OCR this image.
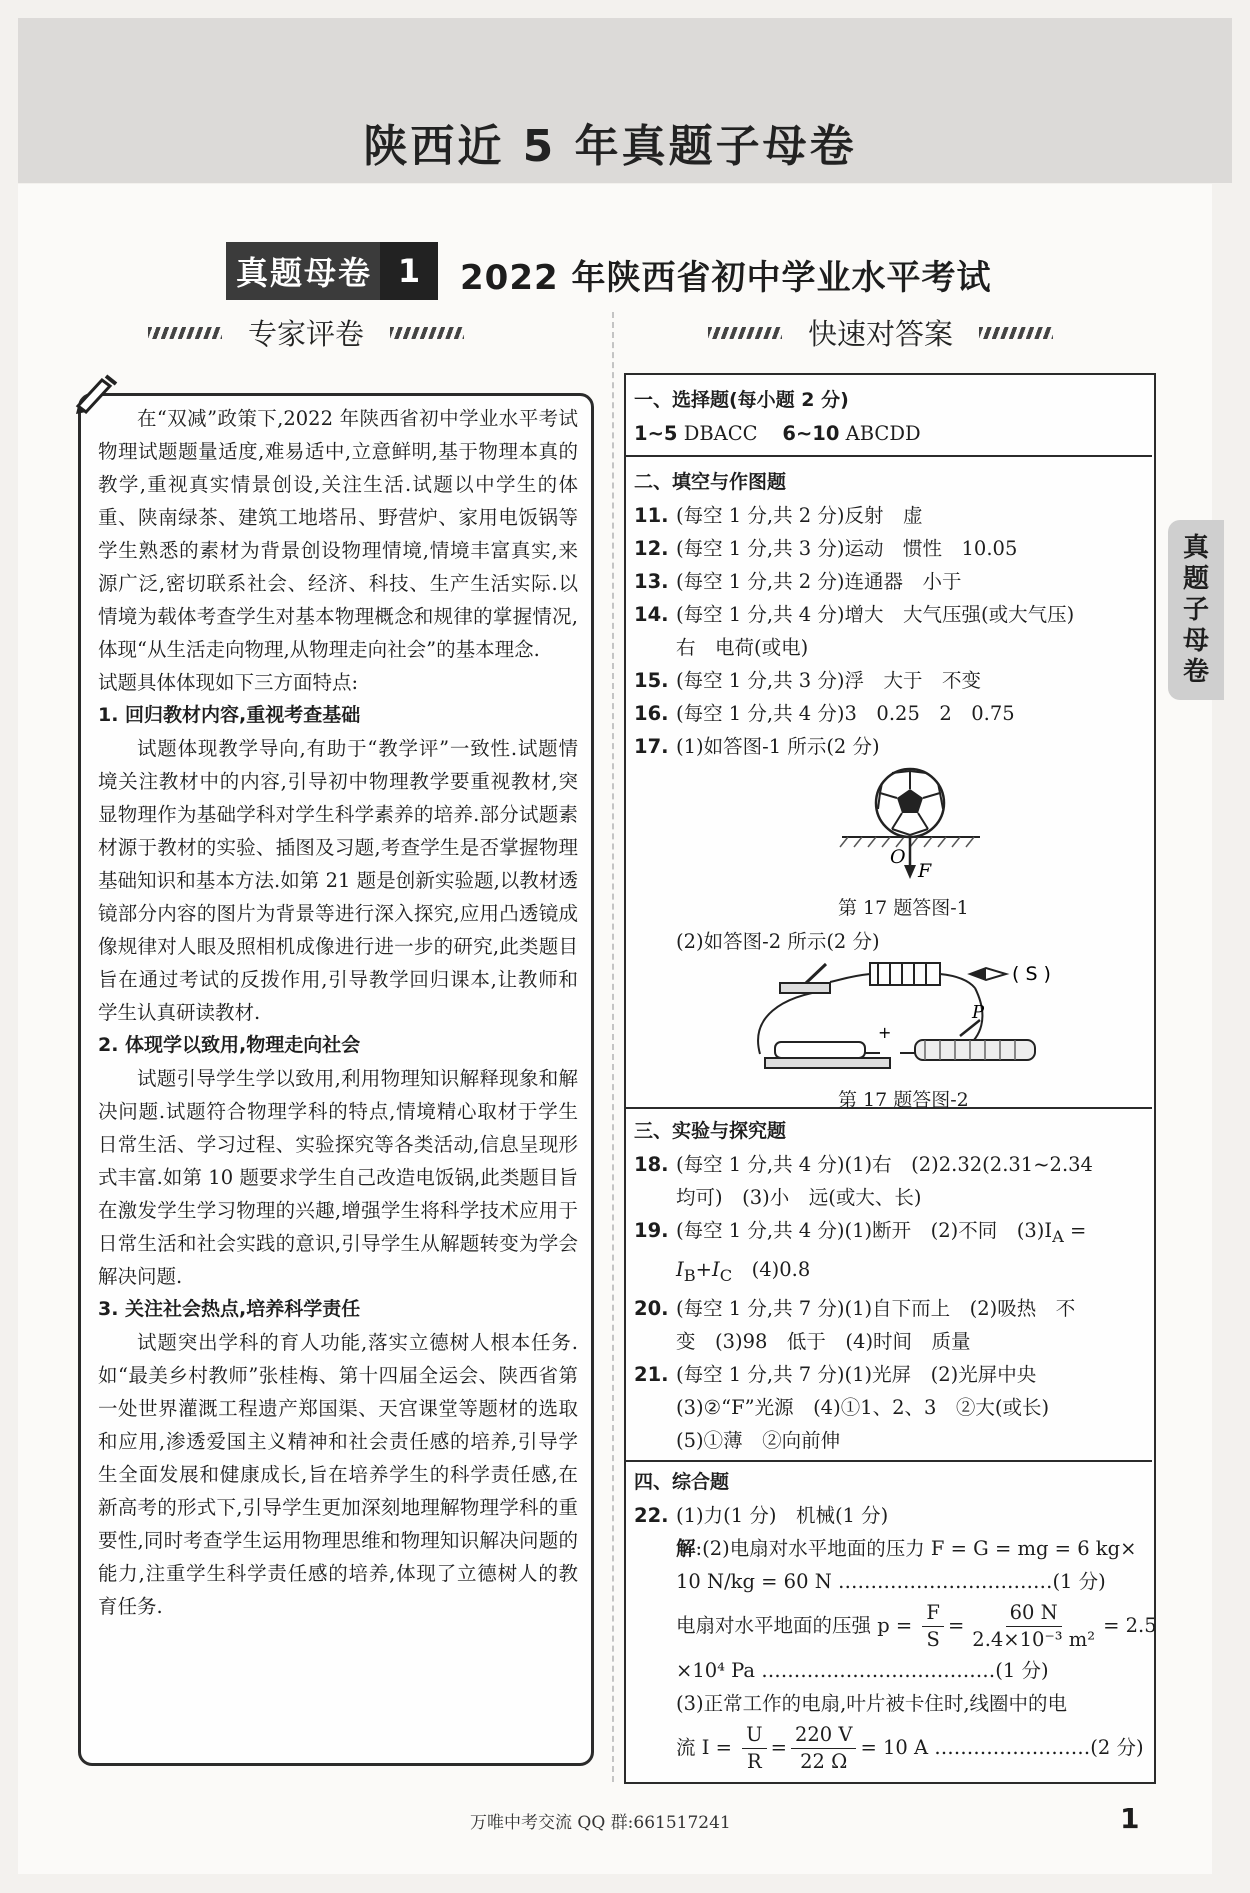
陕西近 5 年真题子母卷
真题母卷 1	2022 年陕西省初中学业水平考试
专家评卷	快速对答案

在“双减”政策下,2022 年陕西省初中学业水平考试物理试题题量适度,难易适中,立意鲜明,基于物理本真的教学,重视真实情景创设,关注生活.试题以中学生的体重、陕南绿茶、建筑工地塔吊、野营炉、家用电饭锅等学生熟悉的素材为背景创设物理情境,情境丰富真实,来源广泛,密切联系社会、经济、科技、生产生活实际.以情境为载体考查学生对基本物理概念和规律的掌握情况,体现“从生活走向物理,从物理走向社会”的基本理念.

试题具体体现如下三方面特点:

1. 回归教材内容,重视考查基础

试题体现教学导向,有助于“教学评”一致性.试题情境关注教材中的内容,引导初中物理教学要重视教材,突显物理作为基础学科对学生科学素养的培养.部分试题素材源于教材的实验、插图及习题,考查学生是否掌握物理基础知识和基本方法.如第 21 题是创新实验题,以教材透镜部分内容的图片为背景等进行深入探究,应用凸透镜成像规律对人眼及照相机成像进行进一步的研究,此类题目旨在通过考试的反拨作用,引导教学回归课本,让教师和学生认真研读教材.

2. 体现学以致用,物理走向社会

试题引导学生学以致用,利用物理知识解释现象和解决问题.试题符合物理学科的特点,情境精心取材于学生日常生活、学习过程、实验探究等各类活动,信息呈现形式丰富.如第 10 题要求学生自己改造电饭锅,此类题目旨在激发学生学习物理的兴趣,增强学生将科学技术应用于日常生活和社会实践的意识,引导学生从解题转变为学会解决问题.

3. 关注社会热点,培养科学责任

试题突出学科的育人功能,落实立德树人根本任务.如“最美乡村教师”张桂梅、第十四届全运会、陕西省第一处世界灌溉工程遗产郑国渠、天宫课堂等题材的选取和应用,渗透爱国主义精神和社会责任感的培养,引导学生全面发展和健康成长,旨在培养学生的科学责任感,在新高考的形式下,引导学生更加深刻地理解物理学科的重要性,同时考查学生运用物理思维和物理知识解决问题的能力,注重学生科学责任感的培养,体现了立德树人的教育任务.

一、选择题(每小题 2 分)
1~5 DBACC 6~10 ABCDD
二、填空与作图题
11. (每空 1 分,共 2 分)反射　虚
12. (每空 1 分,共 3 分)运动　惯性　10.05
13. (每空 1 分,共 2 分)连通器　小于
14. (每空 1 分,共 4 分)增大　大气压强(或大气压)
右　电荷(或电)
15. (每空 1 分,共 3 分)浮　大于　不变
16. (每空 1 分,共 4 分)3　0.25　2　0.75
17. (1)如答图-1 所示(2 分)
O
F
第 17 题答图-1
(2)如答图-2 所示(2 分)
P
+
( S )
第 17 题答图-2
三、实验与探究题
18. (每空 1 分,共 4 分)(1)右　(2)2.32(2.31~2.34
均可)　(3)小　远(或大、长)
19. (每空 1 分,共 4 分)(1)断开　(2)不同　$(3)I_A$ =
$I_B+I_C$　(4)0.8
20. (每空 1 分,共 7 分)(1)自下而上　(2)吸热　不
变　(3)98　低于　(4)时间　质量
21. (每空 1 分,共 7 分)(1)光屏　(2)光屏中央
(3)②“F”光源　(4)①1、2、3　②大(或长)
(5)①薄　②向前伸
四、综合题
22. (1)力(1 分)　机械(1 分)
解:(2)电扇对水平地面的压力 F = G = mg = 6 kg×
10 N/kg = 60 N ……………………………(1 分)
电扇对水平地面的压强 $p = \frac{F}{S} = \frac{60 N}{\text{2.4×10⁻³ m²}} = 2.5$
×10⁴ Pa ………………………………(1 分)
(3)正常工作的电扇,叶片被卡住时,线圈中的电
流 $I = \frac{U}{R} = \frac{220 V}{22 \Omega} = 10$ A ……………………(2 分)
真
题
子
母
卷
万唯中考交流 QQ 群:661517241	1
